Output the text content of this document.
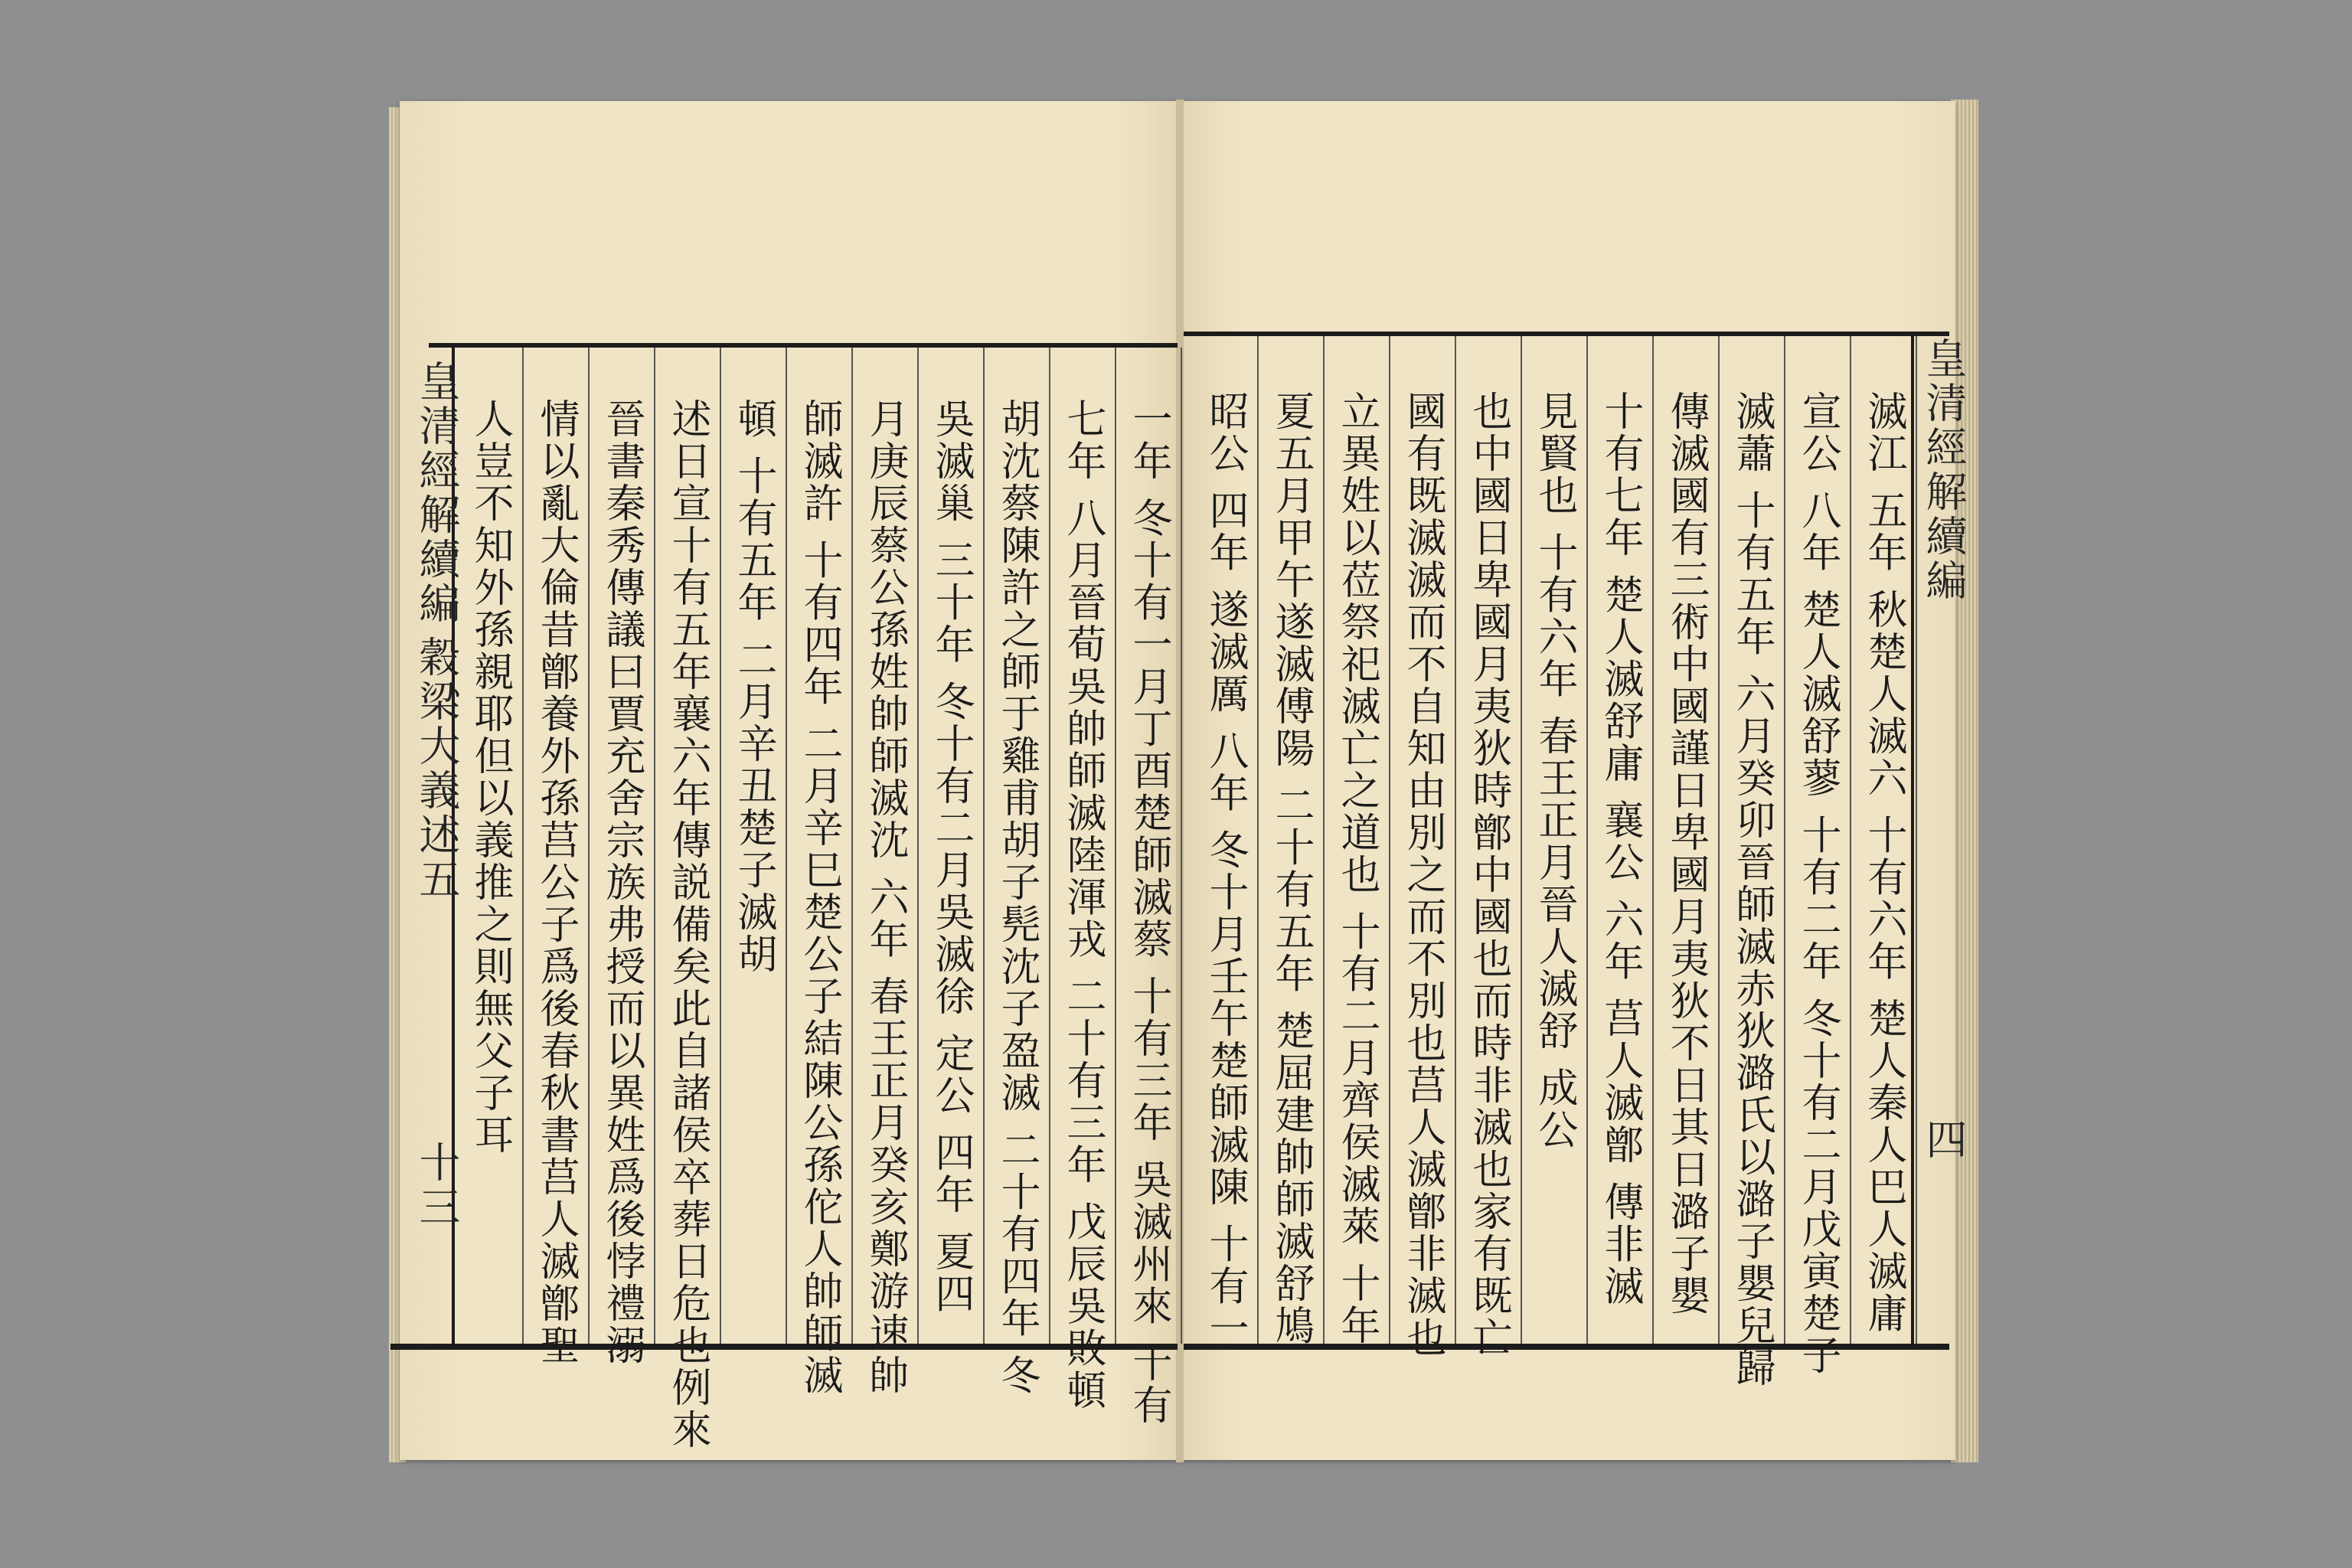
皇清經解續編
穀梁大義述五
十三
皇清經解續編
四
人豈不知外孫親耶但以義推之則無父子耳 情以亂大倫昔鄫養外孫莒公子爲後春秋書莒人滅鄫聖 晉書秦秀傳議曰賈充舍宗族弗授而以異姓爲後悖禮溺 述日宣十有五年襄六年傳説備矣此自諸侯卒葬日危也例來 頓 十有五年 二月辛丑楚子滅胡 師滅許 十有四年 二月辛巳楚公子結陳公孫佗人帥師滅 月庚辰蔡公孫姓帥師滅沈 六年 春王正月癸亥鄭游速帥 吳滅巢 三十年 冬十有二月吳滅徐 定公 四年 夏四 胡沈蔡陳許之師于雞甫胡子髡沈子盈滅 二十有四年 冬 七年 八月晉荀吳帥師滅陸渾戎 二十有三年 戊辰吳敗頓 一年 冬十有一月丁酉楚師滅蔡 十有三年 吳滅州來 十有 昭公 四年 遂滅厲 八年 冬十月壬午楚師滅陳 十有一 夏五月甲午遂滅傅陽 二十有五年 楚屈建帥師滅舒鳩 立異姓以莅祭祀滅亡之道也 十有二月齊侯滅萊 十年 國有既滅滅而不自知由別之而不別也莒人滅鄫非滅也 也中國日卑國月夷狄時鄫中國也而時非滅也家有既亡 見賢也 十有六年 春王正月晉人滅舒 成公 十有七年 楚人滅舒庸 襄公 六年 莒人滅鄫 傳非滅 傳滅國有三術中國謹日卑國月夷狄不日其日潞子嬰 滅蕭 十有五年 六月癸卯晉師滅赤狄潞氏以潞子嬰兒歸 宣公 八年 楚人滅舒蓼 十有二年 冬十有二月戊寅楚子 滅江 五年 秋楚人滅六 十有六年 楚人秦人巴人滅庸
